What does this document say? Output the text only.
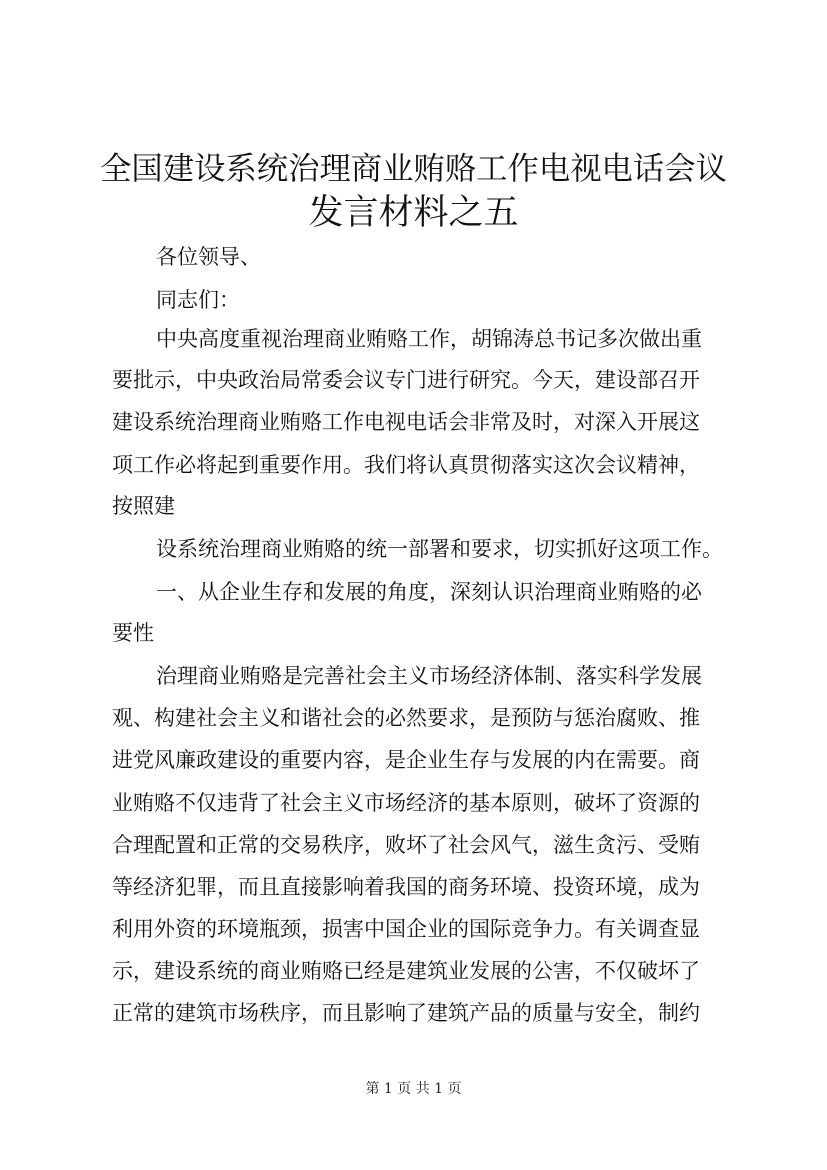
全国建设系统治理商业贿赂工作电视电话会议
发言材料之五
各位领导、
同志们：
中央高度重视治理商业贿赂工作，胡锦涛总书记多次做出重
要批示，中央政治局常委会议专门进行研究。今天，建设部召开
建设系统治理商业贿赂工作电视电话会非常及时，对深入开展这
项工作必将起到重要作用。我们将认真贯彻落实这次会议精神，
按照建
设系统治理商业贿赂的统一部署和要求，切实抓好这项工作。
一、从企业生存和发展的角度，深刻认识治理商业贿赂的必
要性
治理商业贿赂是完善社会主义市场经济体制、落实科学发展
观、构建社会主义和谐社会的必然要求，是预防与惩治腐败、推
进党风廉政建设的重要内容，是企业生存与发展的内在需要。商
业贿赂不仅违背了社会主义市场经济的基本原则，破坏了资源的
合理配置和正常的交易秩序，败坏了社会风气，滋生贪污、受贿
等经济犯罪，而且直接影响着我国的商务环境、投资环境，成为
利用外资的环境瓶颈，损害中国企业的国际竞争力。有关调查显
示，建设系统的商业贿赂已经是建筑业发展的公害，不仅破坏了
正常的建筑市场秩序，而且影响了建筑产品的质量与安全，制约
第 1 页 共 1 页
